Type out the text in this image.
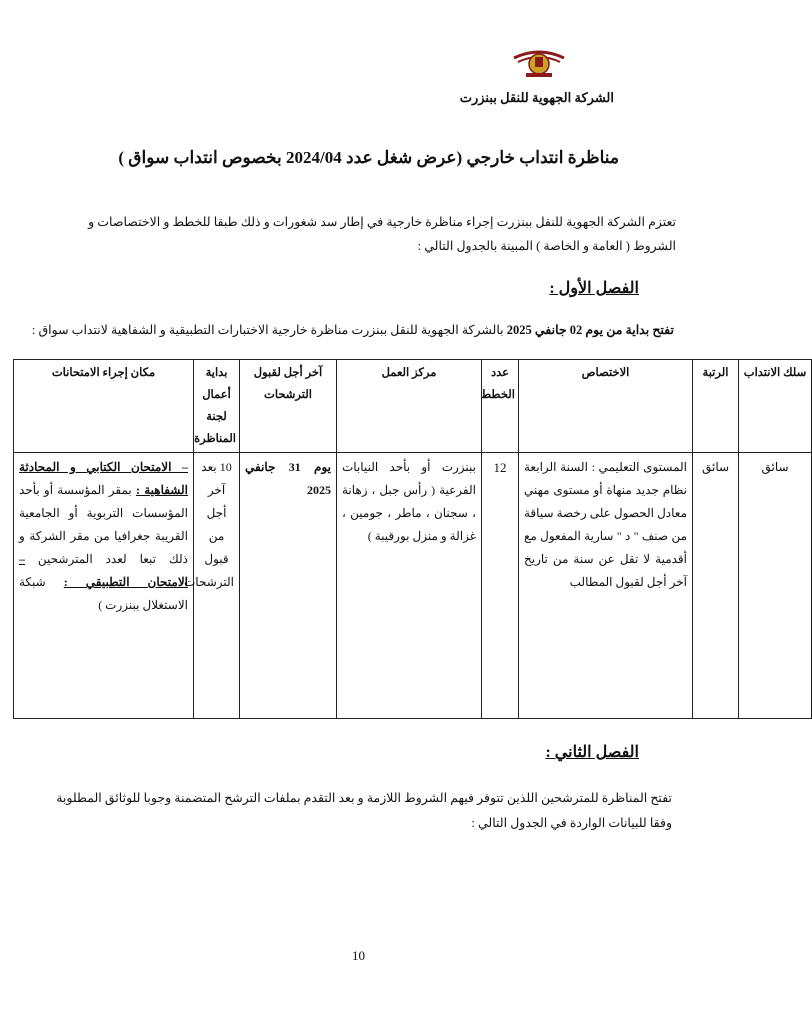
الشركة الجهوية للنقل ببنزرت
مناظرة انتداب خارجي (عرض شغل عدد 2024/04 بخصوص انتداب سواق )
تعتزم الشركة الجهوية للنقل ببنزرت إجراء مناظرة خارجية في إطار سد شغورات و ذلك طبقا للخطط و الاختصاصات و الشروط ( العامة و الخاصة ) المبينة بالجدول التالي :
الفصل الأول :
تفتح بداية من يوم 02 جانفي 2025 بالشركة الجهوية للنقل ببنزرت مناظرة خارجية الاختبارات التطبيقية و الشفاهية لانتداب سواق :
سلك الانتداب	الرتبة	الاختصاص	عدد الخطط	مركز العمل	آخر أجل لقبول الترشحات	بداية أعمال لجنة المناظرة	مكان إجراء الامتحانات
سائق	سائق	المستوى التعليمي : السنة الرابعة نظام جديد منهاة أو مستوى مهني معادل الحصول على رخصة سياقة من صنف " د " سارية المفعول مع أقدمية لا تقل عن سنة من تاريخ آخر أجل لقبول المطالب	12	ببنزرت أو بأحد النيابات الفرعية ( رأس جبل ، زهانة ، سجنان ، ماطر ، جومين ، غزالة و منزل بورقيبة )	يوم 31 جانفي 2025	10 بعد آخر أجل من قبول الترشحات	– الامتحان الكتابي و المحادثة الشفاهية : بمقر المؤسسة أو بأحد المؤسسات التربوية أو الجامعية القريبة جغرافيا من مقر الشركة و ذلك تبعا لعدد المترشحين – الامتحان التطبيقي : شبكة الاستغلال ببنزرت )
الفصل الثاني :
تفتح المناظرة للمترشحين اللذين تتوفر فيهم الشروط اللازمة و بعد التقدم بملفات الترشح المتضمنة وجوبا للوثائق المطلوبة وفقا للبيانات الواردة في الجدول التالي :
10
